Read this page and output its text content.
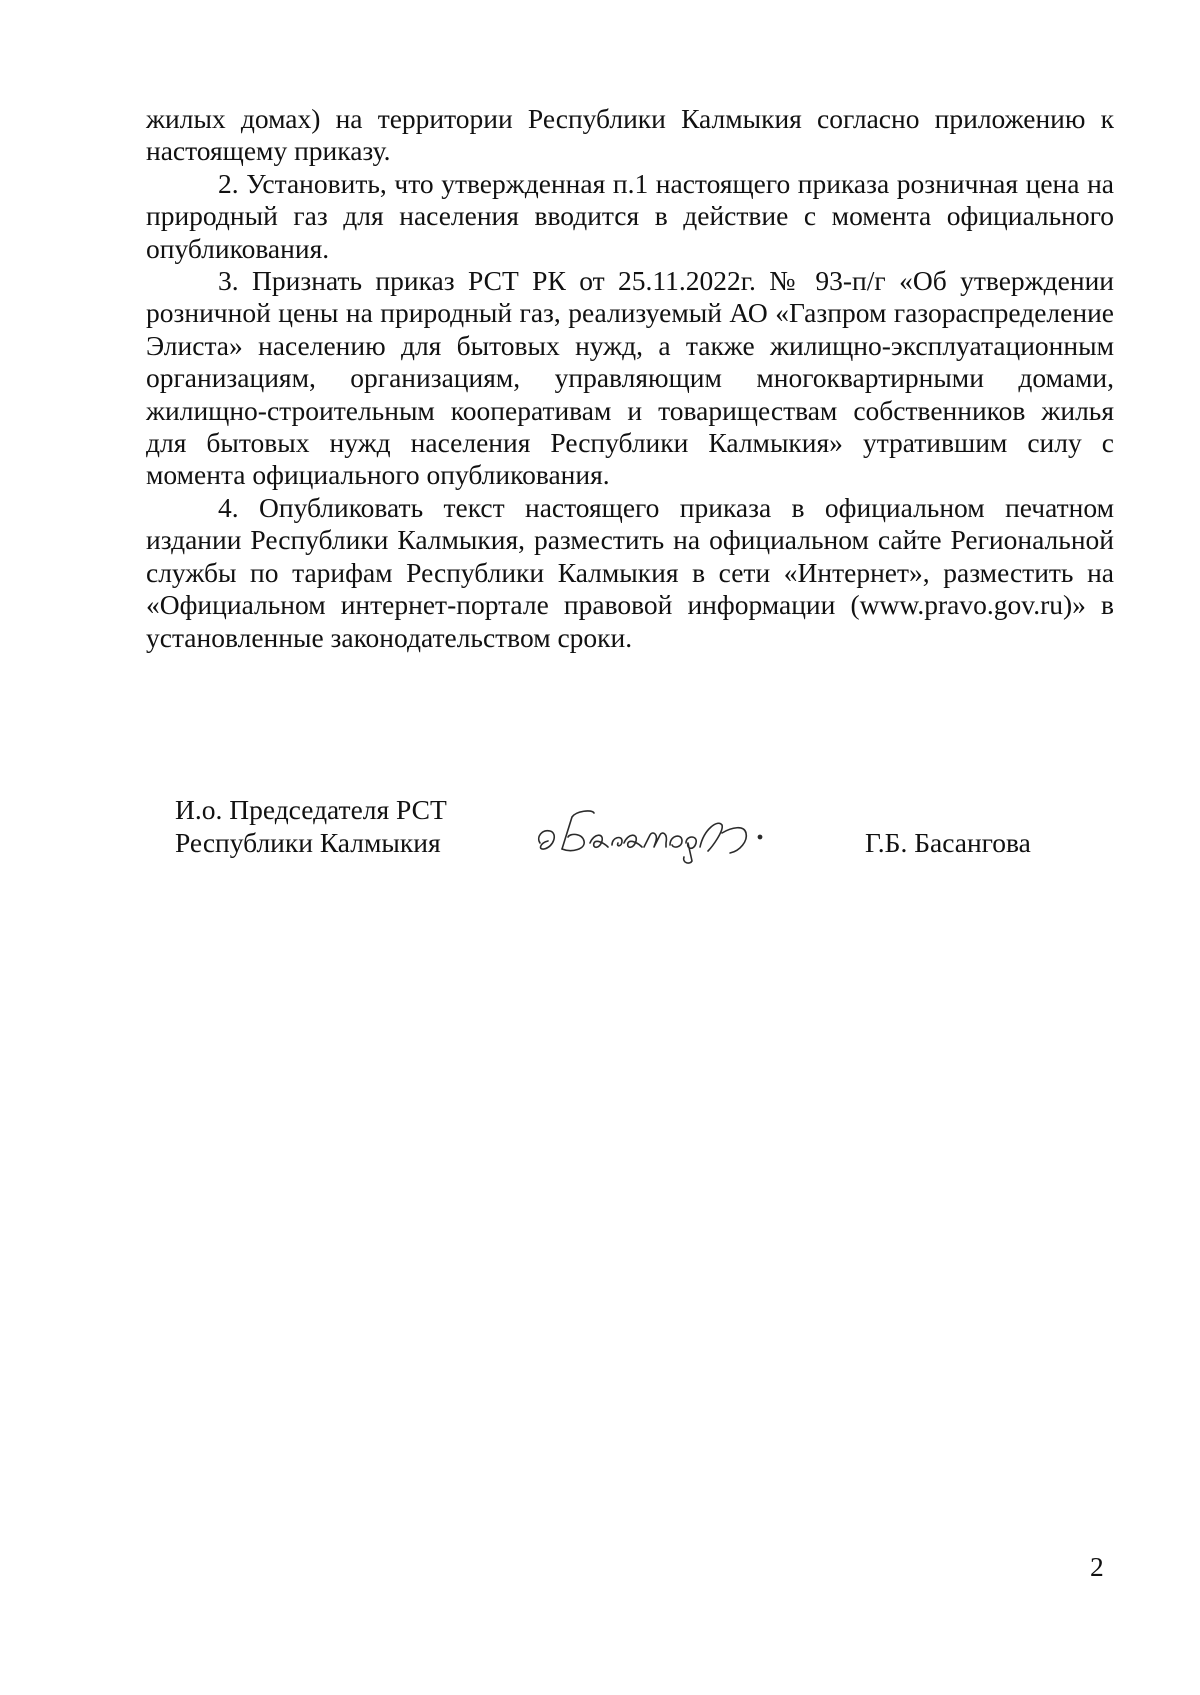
жилых домах) на территории Республики Калмыкия согласно приложению к настоящему приказу.

2. Установить, что утвержденная п.1 настоящего приказа розничная цена на природный газ для населения вводится в действие с момента официального опубликования.

3. Признать приказ РСТ РК от 25.11.2022г. № 93-п/г «Об утверждении розничной цены на природный газ, реализуемый АО «Газпром газораспределение Элиста» населению для бытовых нужд, а также жилищно-эксплуатационным организациям, организациям, управляющим многоквартирными домами, жилищно-строительным кооперативам и товариществам собственников жилья для бытовых нужд населения Республики Калмыкия» утратившим силу с момента официального опубликования.

4. Опубликовать текст настоящего приказа в официальном печатном издании Республики Калмыкия, разместить на официальном сайте Региональной службы по тарифам Республики Калмыкия в сети «Интернет», разместить на «Официальном интернет-портале правовой информации (www.pravo.gov.ru)» в установленные законодательством сроки.

И.о. Председателя РСТ
Республики Калмыкия	Г.Б. Басангова
2
